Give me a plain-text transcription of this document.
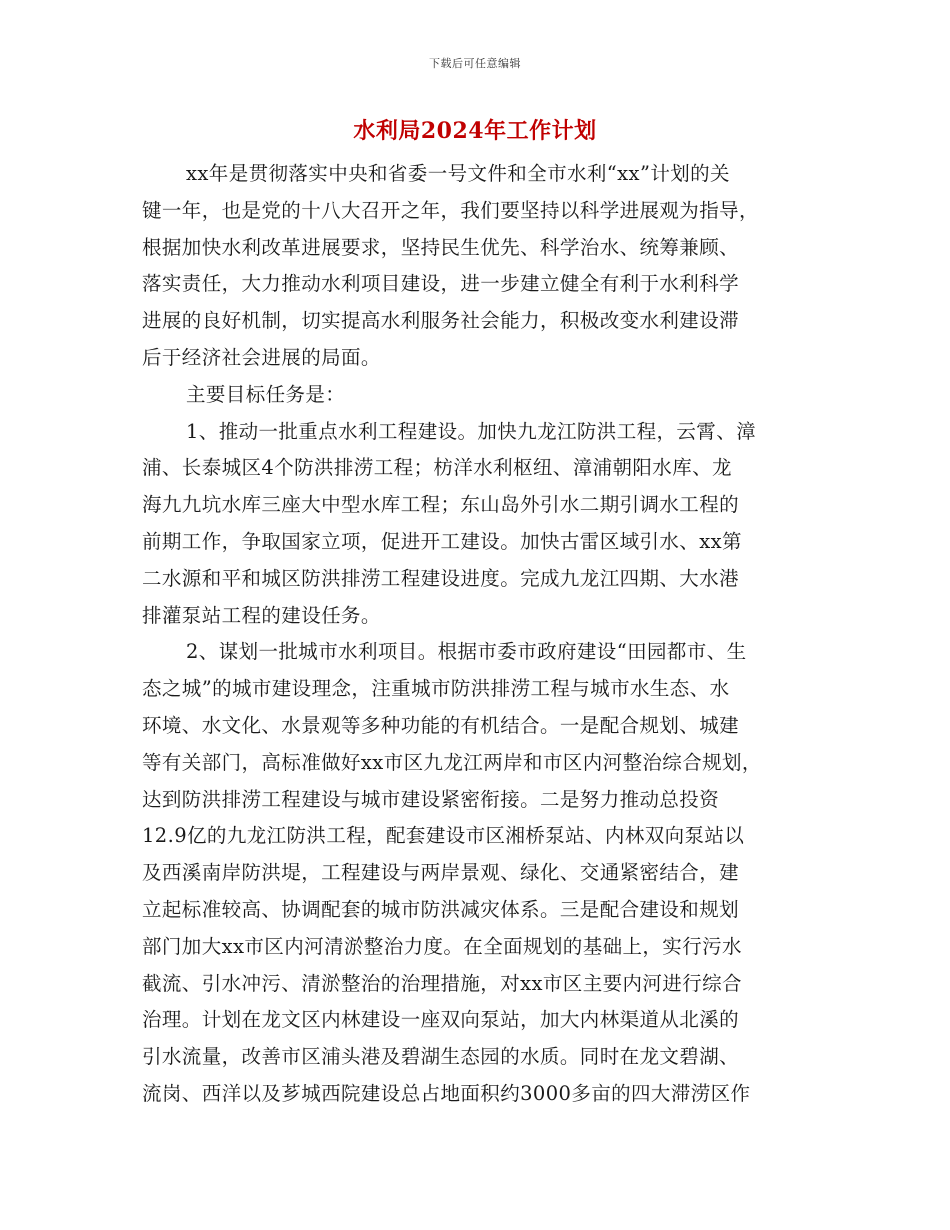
下载后可任意编辑
水利局2024年工作计划
xx年是贯彻落实中央和省委一号文件和全市水利“xx”计划的关
键一年，也是党的十八大召开之年，我们要坚持以科学进展观为指导，
根据加快水利改革进展要求，坚持民生优先、科学治水、统筹兼顾、
落实责任，大力推动水利项目建设，进一步建立健全有利于水利科学
进展的良好机制，切实提高水利服务社会能力，积极改变水利建设滞
后于经济社会进展的局面。
主要目标任务是：
1、推动一批重点水利工程建设。加快九龙江防洪工程，云霄、漳
浦、长泰城区4个防洪排涝工程；枋洋水利枢纽、漳浦朝阳水库、龙
海九九坑水库三座大中型水库工程；东山岛外引水二期引调水工程的
前期工作，争取国家立项，促进开工建设。加快古雷区域引水、xx第
二水源和平和城区防洪排涝工程建设进度。完成九龙江四期、大水港
排灌泵站工程的建设任务。
2、谋划一批城市水利项目。根据市委市政府建设“田园都市、生
态之城”的城市建设理念，注重城市防洪排涝工程与城市水生态、水
环境、水文化、水景观等多种功能的有机结合。一是配合规划、城建
等有关部门，高标准做好xx市区九龙江两岸和市区内河整治综合规划，
达到防洪排涝工程建设与城市建设紧密衔接。二是努力推动总投资
12.9亿的九龙江防洪工程，配套建设市区湘桥泵站、内林双向泵站以
及西溪南岸防洪堤，工程建设与两岸景观、绿化、交通紧密结合，建
立起标准较高、协调配套的城市防洪减灾体系。三是配合建设和规划
部门加大xx市区内河清淤整治力度。在全面规划的基础上，实行污水
截流、引水冲污、清淤整治的治理措施，对xx市区主要内河进行综合
治理。计划在龙文区内林建设一座双向泵站，加大内林渠道从北溪的
引水流量，改善市区浦头港及碧湖生态园的水质。同时在龙文碧湖、
流岗、西洋以及芗城西院建设总占地面积约3000多亩的四大滞涝区作
